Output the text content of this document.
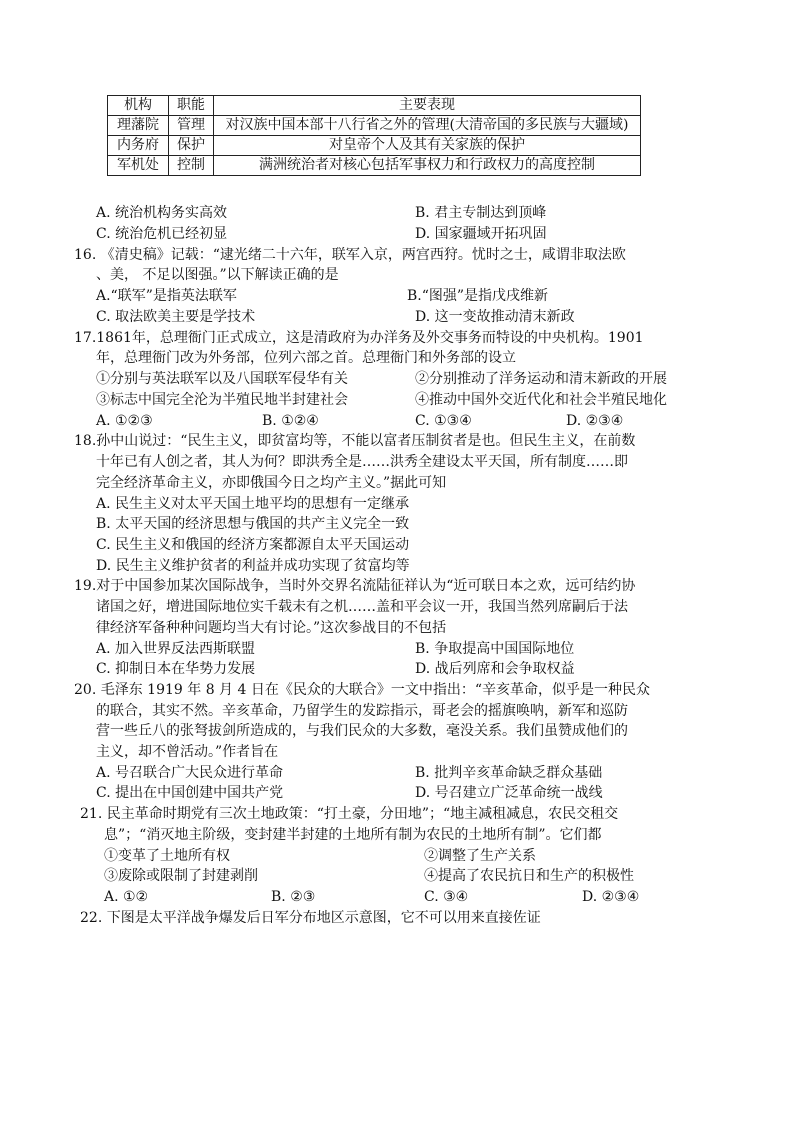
机构	职能	主要表现
理藩院	管理	对汉族中国本部十八行省之外的管理(大清帝国的多民族与大疆域)
内务府	保护	对皇帝个人及其有关家族的保护
军机处	控制	满洲统治者对核心包括军事权力和行政权力的高度控制
A. 统治机构务实高效	B. 君主专制达到顶峰
C. 统治危机已经初显	D. 国家疆域开拓巩固
16. 《清史稿》记载：“逮光绪二十六年，联军入京，两宫西狩。忧时之士，咸谓非取法欧
、美， 不足以图强。”以下解读正确的是
A.“联军”是指英法联军	B.“图强”是指戊戌维新
C. 取法欧美主要是学技术	D. 这一变故推动清末新政
17.1861年，总理衙门正式成立，这是清政府为办洋务及外交事务而特设的中央机构。1901
年，总理衙门改为外务部，位列六部之首。总理衙门和外务部的设立
①分别与英法联军以及八国联军侵华有关	②分别推动了洋务运动和清末新政的开展
③标志中国完全沦为半殖民地半封建社会	④推动中国外交近代化和社会半殖民地化
A. ①②③	B. ①②④	C. ①③④	D. ②③④
18.孙中山说过：“民生主义，即贫富均等，不能以富者压制贫者是也。但民生主义，在前数
十年已有人创之者，其人为何？即洪秀全是……洪秀全建设太平天国，所有制度……即
完全经济革命主义，亦即俄国今日之均产主义。”据此可知
A. 民生主义对太平天国土地平均的思想有一定继承
B. 太平天国的经济思想与俄国的共产主义完全一致
C. 民生主义和俄国的经济方案都源自太平天国运动
D. 民生主义维护贫者的利益并成功实现了贫富均等
19.对于中国参加某次国际战争，当时外交界名流陆征祥认为“近可联日本之欢，远可结约协
诸国之好，增进国际地位实千载未有之机……盖和平会议一开，我国当然列席嗣后于法
律经济军备种种问题均当大有讨论。”这次参战目的不包括
A. 加入世界反法西斯联盟	B. 争取提高中国国际地位
C. 抑制日本在华势力发展	D. 战后列席和会争取权益
20. 毛泽东 1919 年 8 月 4 日在《民众的大联合》一文中指出：“辛亥革命，似乎是一种民众
的联合，其实不然。辛亥革命，乃留学生的发踪指示，哥老会的摇旗唤呐，新军和巡防
营一些丘八的张弩拔剑所造成的，与我们民众的大多数，毫没关系。我们虽赞成他们的
主义，却不曾活动。”作者旨在
A. 号召联合广大民众进行革命	B. 批判辛亥革命缺乏群众基础
C. 提出在中国创建中国共产党	D. 号召建立广泛革命统一战线
21. 民主革命时期党有三次土地政策：“打土豪，分田地”；“地主减租减息，农民交租交
息”；“消灭地主阶级，变封建半封建的土地所有制为农民的土地所有制”。它们都
①变革了土地所有权	②调整了生产关系
③废除或限制了封建剥削	④提高了农民抗日和生产的积极性
A. ①②	B. ②③	C. ③④	D. ②③④
22. 下图是太平洋战争爆发后日军分布地区示意图，它不可以用来直接佐证
